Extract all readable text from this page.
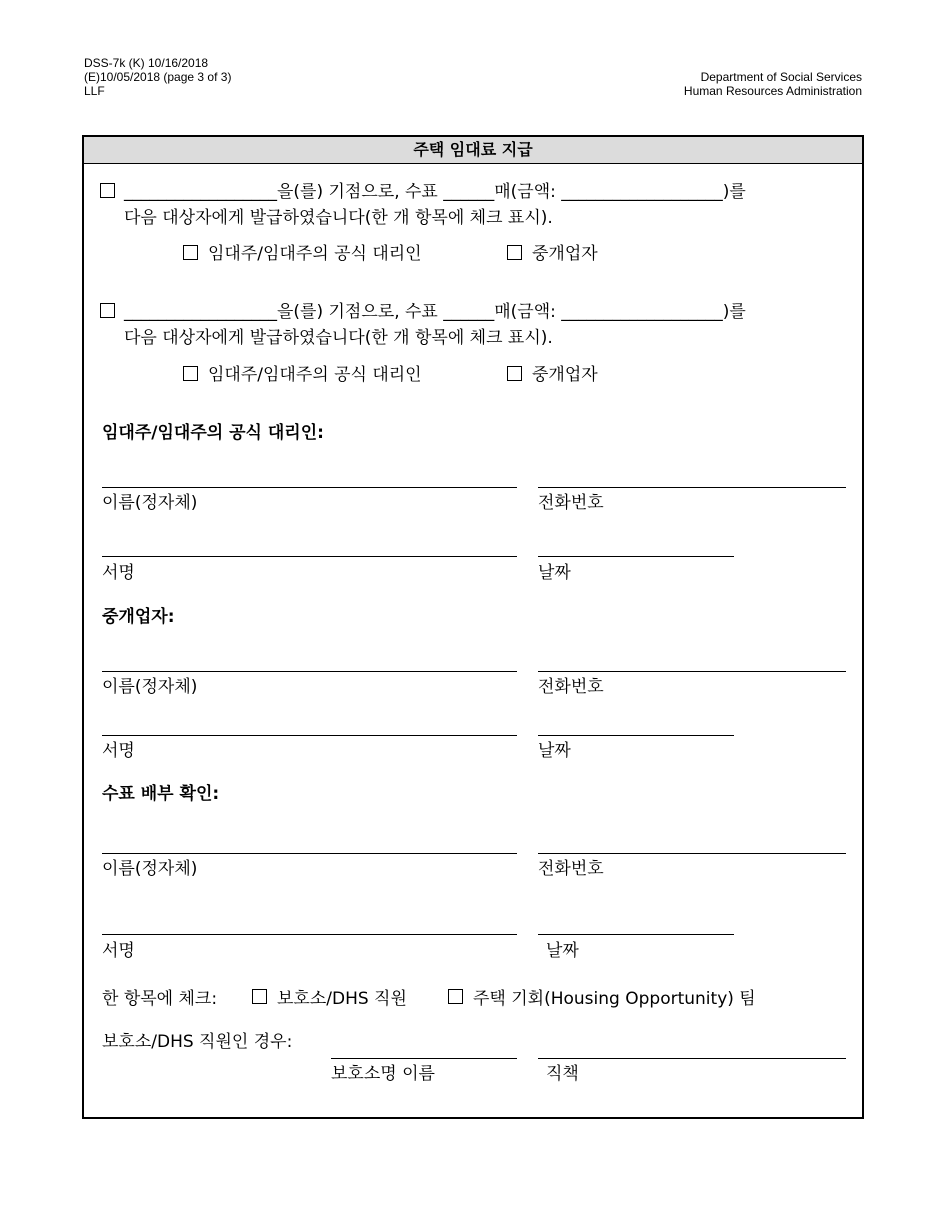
DSS-7k (K) 10/16/2018
(E)10/05/2018 (page 3 of 3)
LLF
Department of Social Services
Human Resources Administration
주택 임대료 지급
__________________을(를) 기점으로, 수표 ______매(금액: ___________________)를
다음 대상자에게 발급하였습니다(한 개 항목에 체크 표시).
임대주/임대주의 공식 대리인	중개업자
__________________을(를) 기점으로, 수표 ______매(금액: ___________________)를
다음 대상자에게 발급하였습니다(한 개 항목에 체크 표시).
임대주/임대주의 공식 대리인	중개업자
임대주/임대주의 공식 대리인:
이름(정자체)	전화번호
서명	날짜
중개업자:
이름(정자체)	전화번호
서명	날짜
수표 배부 확인:
이름(정자체)	전화번호
서명	날짜
한 항목에 체크:	보호소/DHS 직원	주택 기회(Housing Opportunity) 팀
보호소/DHS 직원인 경우:
보호소명 이름	직책
